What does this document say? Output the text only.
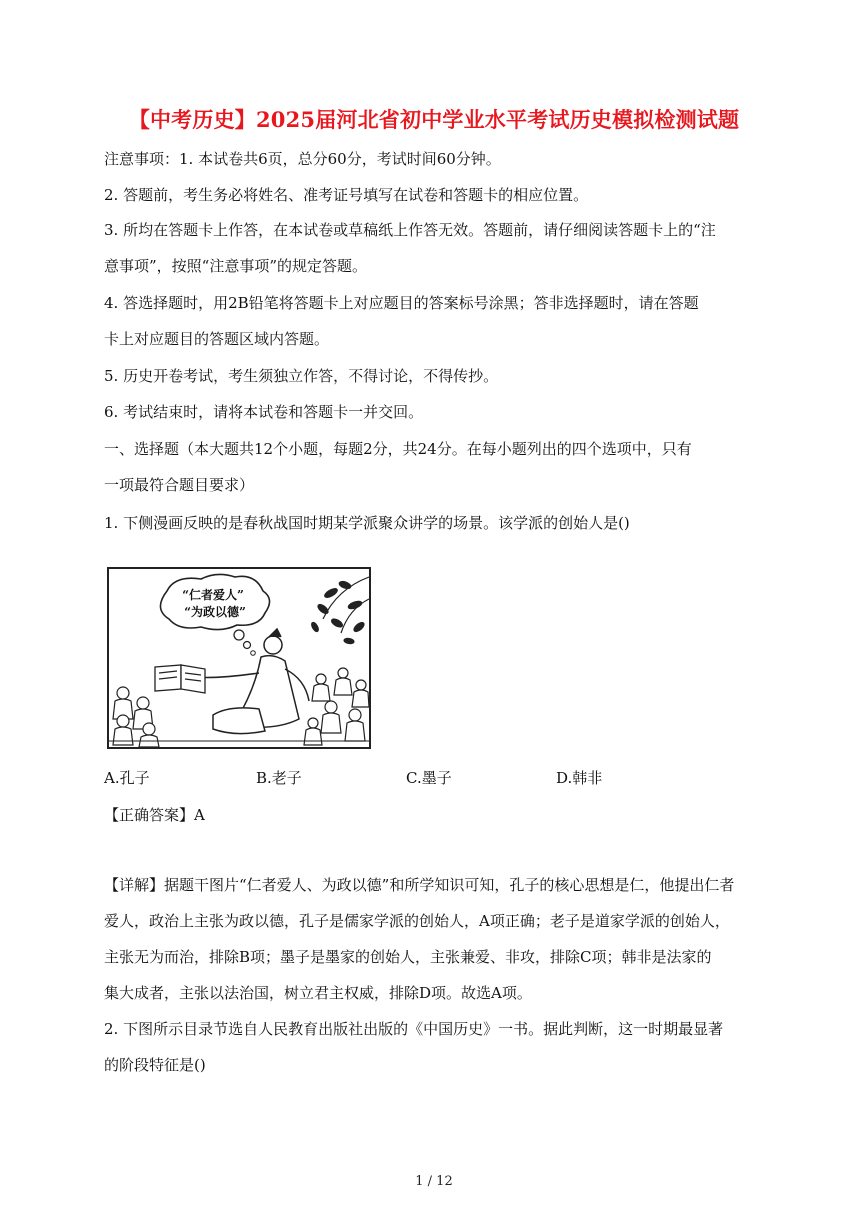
【中考历史】2025届河北省初中学业水平考试历史模拟检测试题
注意事项：1. 本试卷共6页，总分60分，考试时间60分钟。
2. 答题前，考生务必将姓名、准考证号填写在试卷和答题卡的相应位置。
3. 所均在答题卡上作答，在本试卷或草稿纸上作答无效。答题前，请仔细阅读答题卡上的“注
意事项”，按照“注意事项”的规定答题。
4. 答选择题时，用2B铅笔将答题卡上对应题目的答案标号涂黑；答非选择题时，请在答题
卡上对应题目的答题区域内答题。
5. 历史开卷考试，考生须独立作答，不得讨论，不得传抄。
6. 考试结束时，请将本试卷和答题卡一并交回。
一、选择题（本大题共12个小题，每题2分，共24分。在每小题列出的四个选项中，只有
一项最符合题目要求）
1. 下侧漫画反映的是春秋战国时期某学派聚众讲学的场景。该学派的创始人是()
“仁者爱人”
“为政以德”
A.孔子	B.老子	C.墨子	D.韩非
【正确答案】A
【详解】据题干图片“仁者爱人、为政以德”和所学知识可知，孔子的核心思想是仁，他提出仁者
爱人，政治上主张为政以德，孔子是儒家学派的创始人，A项正确；老子是道家学派的创始人，
主张无为而治，排除B项；墨子是墨家的创始人，主张兼爱、非攻，排除C项；韩非是法家的
集大成者，主张以法治国，树立君主权威，排除D项。故选A项。
2. 下图所示目录节选自人民教育出版社出版的《中国历史》一书。据此判断，这一时期最显著
的阶段特征是()
1 / 12
